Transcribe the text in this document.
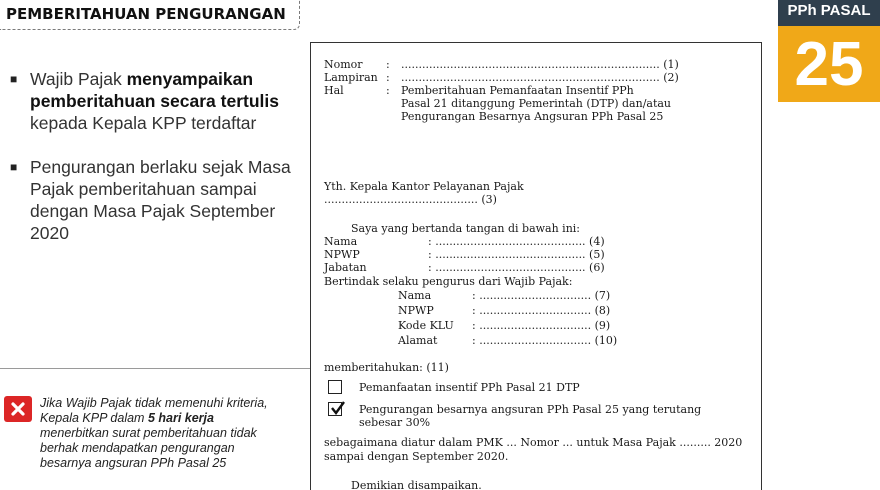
PEMBERITAHUAN PENGURANGAN	PPh PASAL
25
■ Wajib Pajak menyampaikan pemberitahuan secara tertulis kepada Kepala KPP terdaftar
■ Pengurangan berlaku sejak Masa Pajak pemberitahuan sampai dengan Masa Pajak September 2020
Jika Wajib Pajak tidak memenuhi kriteria,
Kepala KPP dalam 5 hari kerja
menerbitkan surat pemberitahuan tidak
berhak mendapatkan pengurangan
besarnya angsuran PPh Pasal 25
Nomor : .......................................................................... (1)
Lampiran : .......................................................................... (2)
Hal	: Pemberitahuan Pemanfaatan Insentif PPh
Pasal 21 ditanggung Pemerintah (DTP) dan/atau
Pengurangan Besarnya Angsuran PPh Pasal 25
Yth. Kepala Kantor Pelayanan Pajak
............................................ (3)
Saya yang bertanda tangan di bawah ini:
Nama	: ........................................... (4)
NPWP	: ........................................... (5)
Jabatan	: ........................................... (6)
Bertindak selaku pengurus dari Wajib Pajak:
Nama	: ................................ (7)
NPWP	: ................................ (8)
Kode KLU : ................................ (9)
Alamat	: ................................ (10)
memberitahukan: (11)
Pemanfaatan insentif PPh Pasal 21 DTP
Pengurangan besarnya angsuran PPh Pasal 25 yang terutang
sebesar 30%
sebagaimana diatur dalam PMK ... Nomor ... untuk Masa Pajak ......... 2020
sampai dengan September 2020.
Demikian disampaikan.
